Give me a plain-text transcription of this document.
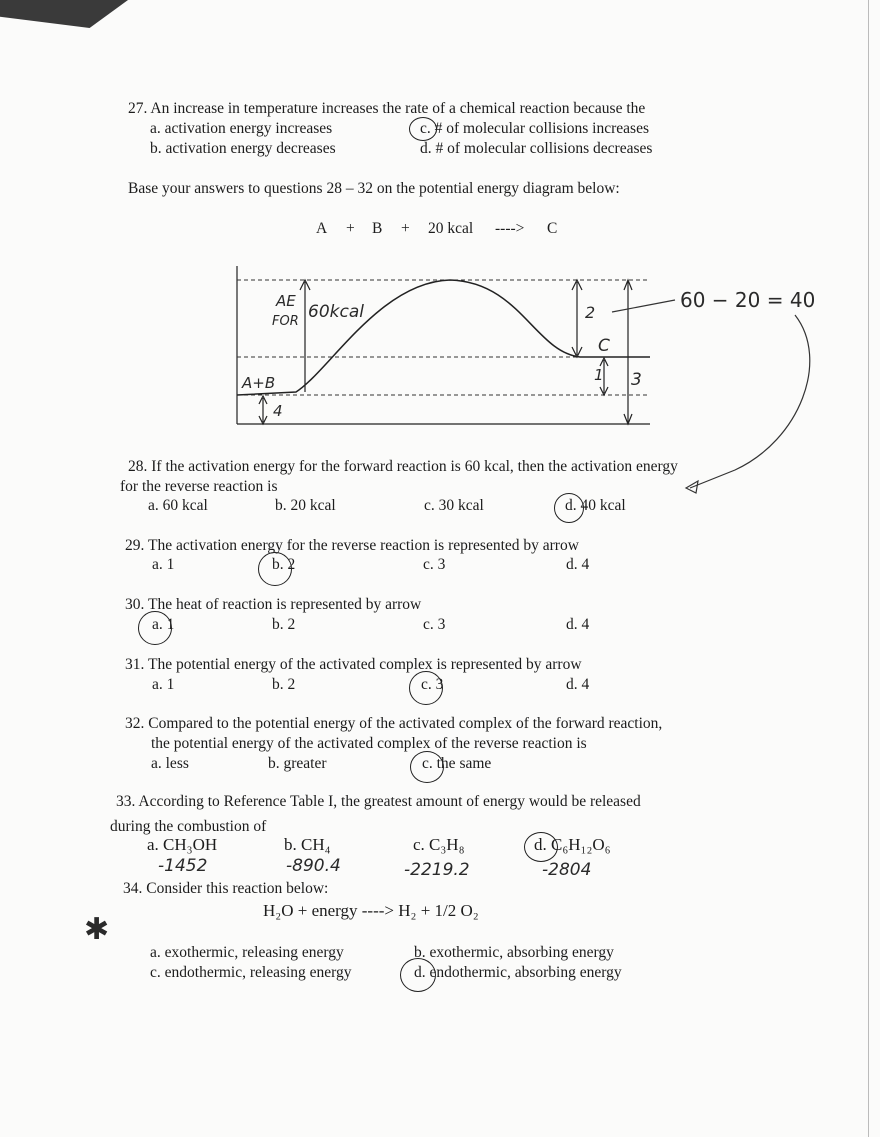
27. An increase in temperature increases the rate of a chemical reaction because the
a. activation energy increases
b. activation energy decreases
c. # of molecular collisions increases
d. # of molecular collisions decreases
Base your answers to questions 28 – 32 on the potential energy diagram below:
A + B + 20 kcal ----> C
AE
FOR 60kcal
A+B
C
2
1 3
4
60 − 20 = 40
28. If the activation energy for the forward reaction is 60 kcal, then the activation energy
for the reverse reaction is
a. 60 kcal	b. 20 kcal	c. 30 kcal	d. 40 kcal
29. The activation energy for the reverse reaction is represented by arrow
a. 1	b. 2	c. 3	d. 4
30. The heat of reaction is represented by arrow
a. 1	b. 2	c. 3	d. 4
31. The potential energy of the activated complex is represented by arrow
a. 1	b. 2	c. 3	d. 4
32. Compared to the potential energy of the activated complex of the forward reaction,
the potential energy of the activated complex of the reverse reaction is
a. less	b. greater	c. the same
33. According to Reference Table I, the greatest amount of energy would be released
during the combustion of
a. CH₃OH	b. CH₄	c. C₃H₈	d. C₆H₁₂O₆
-1452	-890.4	-2219.2	-2804
34. Consider this reaction below:
H₂O + energy ----> H₂ + 1/2 O₂
a. exothermic, releasing energy	b. exothermic, absorbing energy
c. endothermic, releasing energy	d. endothermic, absorbing energy
✱
